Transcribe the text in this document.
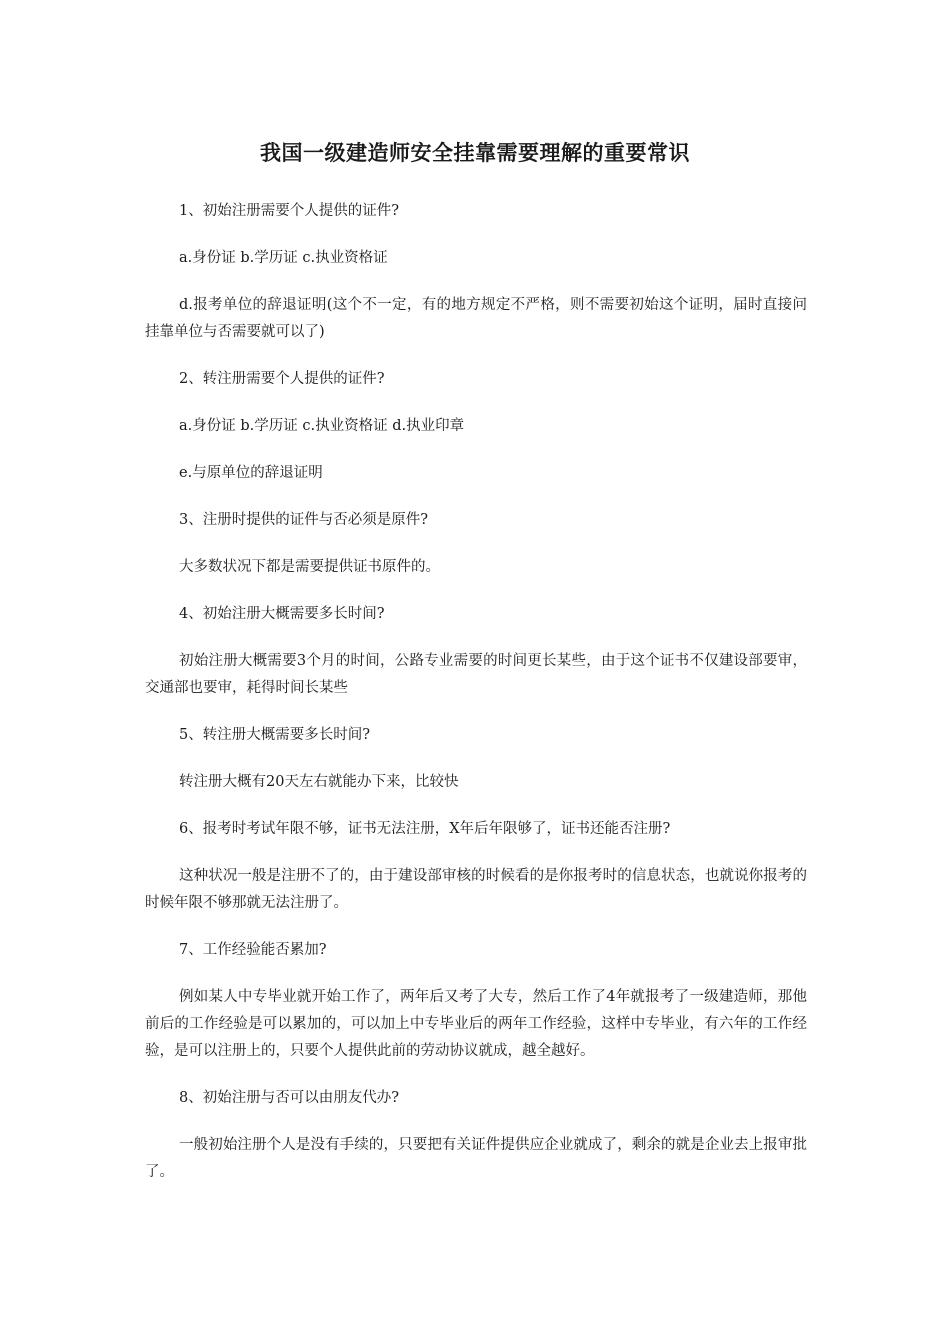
我国一级建造师安全挂靠需要理解的重要常识

1、初始注册需要个人提供的证件?

a.身份证 b.学历证 c.执业资格证

d.报考单位的辞退证明(这个不一定，有的地方规定不严格，则不需要初始这个证明，届时直接问挂靠单位与否需要就可以了)

2、转注册需要个人提供的证件?

a.身份证 b.学历证 c.执业资格证 d.执业印章

e.与原单位的辞退证明

3、注册时提供的证件与否必须是原件?

大多数状况下都是需要提供证书原件的。

4、初始注册大概需要多长时间?

初始注册大概需要3个月的时间，公路专业需要的时间更长某些，由于这个证书不仅建设部要审，交通部也要审，耗得时间长某些

5、转注册大概需要多长时间?

转注册大概有20天左右就能办下来，比较快

6、报考时考试年限不够，证书无法注册，X年后年限够了，证书还能否注册?

这种状况一般是注册不了的，由于建设部审核的时候看的是你报考时的信息状态，也就说你报考的时候年限不够那就无法注册了。

7、工作经验能否累加?

例如某人中专毕业就开始工作了，两年后又考了大专，然后工作了4年就报考了一级建造师，那他前后的工作经验是可以累加的，可以加上中专毕业后的两年工作经验，这样中专毕业，有六年的工作经验，是可以注册上的，只要个人提供此前的劳动协议就成，越全越好。

8、初始注册与否可以由朋友代办?

一般初始注册个人是没有手续的，只要把有关证件提供应企业就成了，剩余的就是企业去上报审批了。
